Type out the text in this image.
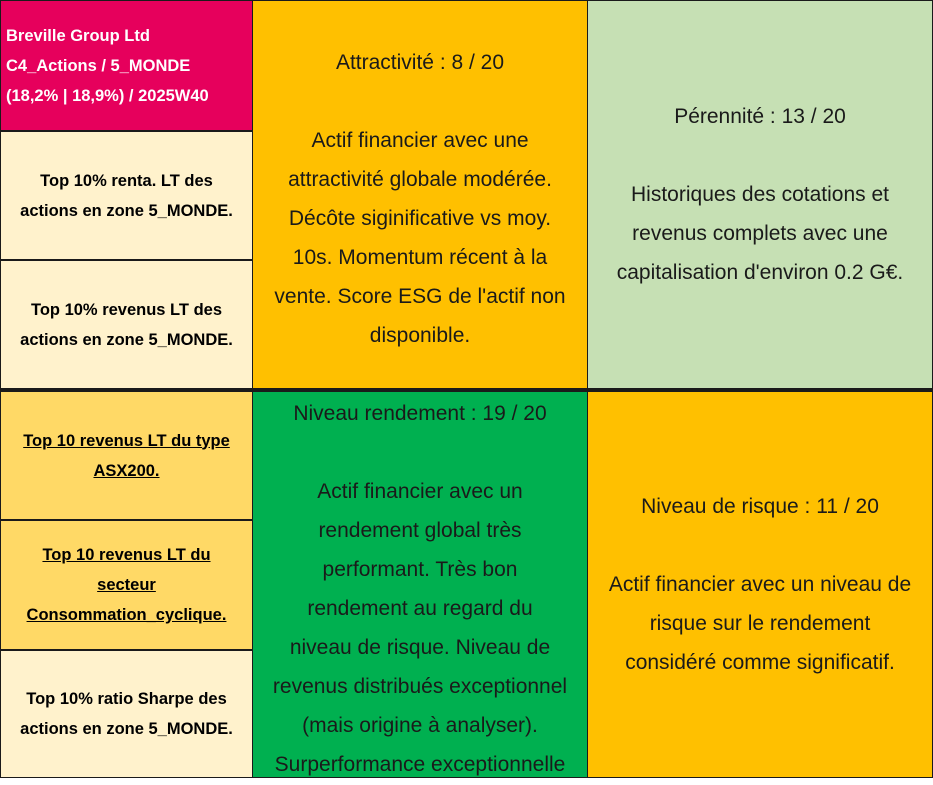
Breville Group Ltd
C4_Actions / 5_MONDE
(18,2% | 18,9%) / 2025W40
Top 10% renta. LT des
actions en zone 5_MONDE.
Top 10% revenus LT des
actions en zone 5_MONDE.
Top 10 revenus LT du type
ASX200.
Top 10 revenus LT du
secteur
Consommation_cyclique.
Top 10% ratio Sharpe des
actions en zone 5_MONDE.
Attractivité : 8 / 20
Actif financier avec une
attractivité globale modérée.
Décôte siginificative vs moy.
10s. Momentum récent à la
vente. Score ESG de l'actif non
disponible.
Pérennité : 13 / 20
Historiques des cotations et
revenus complets avec une
capitalisation d'environ 0.2 G€.
Niveau rendement : 19 / 20
Actif financier avec un
rendement global très
performant. Très bon
rendement au regard du
niveau de risque. Niveau de
revenus distribués exceptionnel
(mais origine à analyser).
Surperformance exceptionnelle
Niveau de risque : 11 / 20
Actif financier avec un niveau de
risque sur le rendement
considéré comme significatif.
